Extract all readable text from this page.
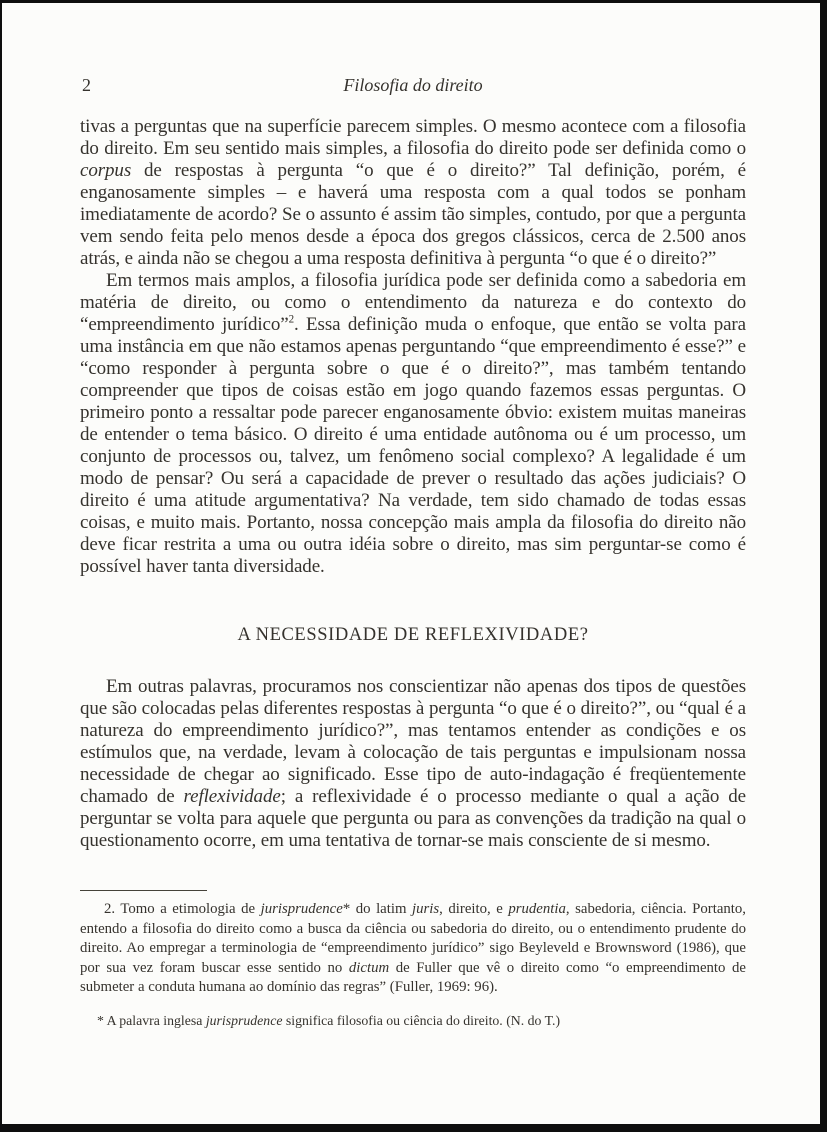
2	Filosofia do direito

tivas a perguntas que na superfície parecem simples. O mesmo acontece com a filosofia do direito. Em seu sentido mais simples, a filosofia do direito pode ser definida como o corpus de respostas à pergunta “o que é o direito?” Tal definição, porém, é enganosamente simples – e haverá uma resposta com a qual todos se ponham imediatamente de acordo? Se o assunto é assim tão simples, contudo, por que a pergunta vem sendo feita pelo menos desde a época dos gregos clássicos, cerca de 2.500 anos atrás, e ainda não se chegou a uma resposta definitiva à pergunta “o que é o direito?”

Em termos mais amplos, a filosofia jurídica pode ser definida como a sabedoria em matéria de direito, ou como o entendimento da natureza e do contexto do “empreendimento jurídico”$^2$. Essa definição muda o enfoque, que então se volta para uma instância em que não estamos apenas perguntando “que empreendimento é esse?” e “como responder à pergunta sobre o que é o direito?”, mas também tentando compreender que tipos de coisas estão em jogo quando fazemos essas perguntas. O primeiro ponto a ressaltar pode parecer enganosamente óbvio: existem muitas maneiras de entender o tema básico. O direito é uma entidade autônoma ou é um processo, um conjunto de processos ou, talvez, um fenômeno social complexo? A legalidade é um modo de pensar? Ou será a capacidade de prever o resultado das ações judiciais? O direito é uma atitude argumentativa? Na verdade, tem sido chamado de todas essas coisas, e muito mais. Portanto, nossa concepção mais ampla da filosofia do direito não deve ficar restrita a uma ou outra idéia sobre o direito, mas sim perguntar-se como é possível haver tanta diversidade.

A NECESSIDADE DE REFLEXIVIDADE?

Em outras palavras, procuramos nos conscientizar não apenas dos tipos de questões que são colocadas pelas diferentes respostas à pergunta “o que é o direito?”, ou “qual é a natureza do empreendimento jurídico?”, mas tentamos entender as condições e os estímulos que, na verdade, levam à colocação de tais perguntas e impulsionam nossa necessidade de chegar ao significado. Esse tipo de auto-indagação é freqüentemente chamado de reflexividade; a reflexividade é o processo mediante o qual a ação de perguntar se volta para aquele que pergunta ou para as convenções da tradição na qual o questionamento ocorre, em uma tentativa de tornar-se mais consciente de si mesmo.

2. Tomo a etimologia de jurisprudence* do latim juris, direito, e prudentia, sabedoria, ciência. Portanto, entendo a filosofia do direito como a busca da ciência ou sabedoria do direito, ou o entendimento prudente do direito. Ao empregar a terminologia de “empreendimento jurídico” sigo Beyleveld e Brownsword (1986), que por sua vez foram buscar esse sentido no dictum de Fuller que vê o direito como “o empreendimento de submeter a conduta humana ao domínio das regras” (Fuller, 1969: 96).

* A palavra inglesa jurisprudence significa filosofia ou ciência do direito. (N. do T.)
